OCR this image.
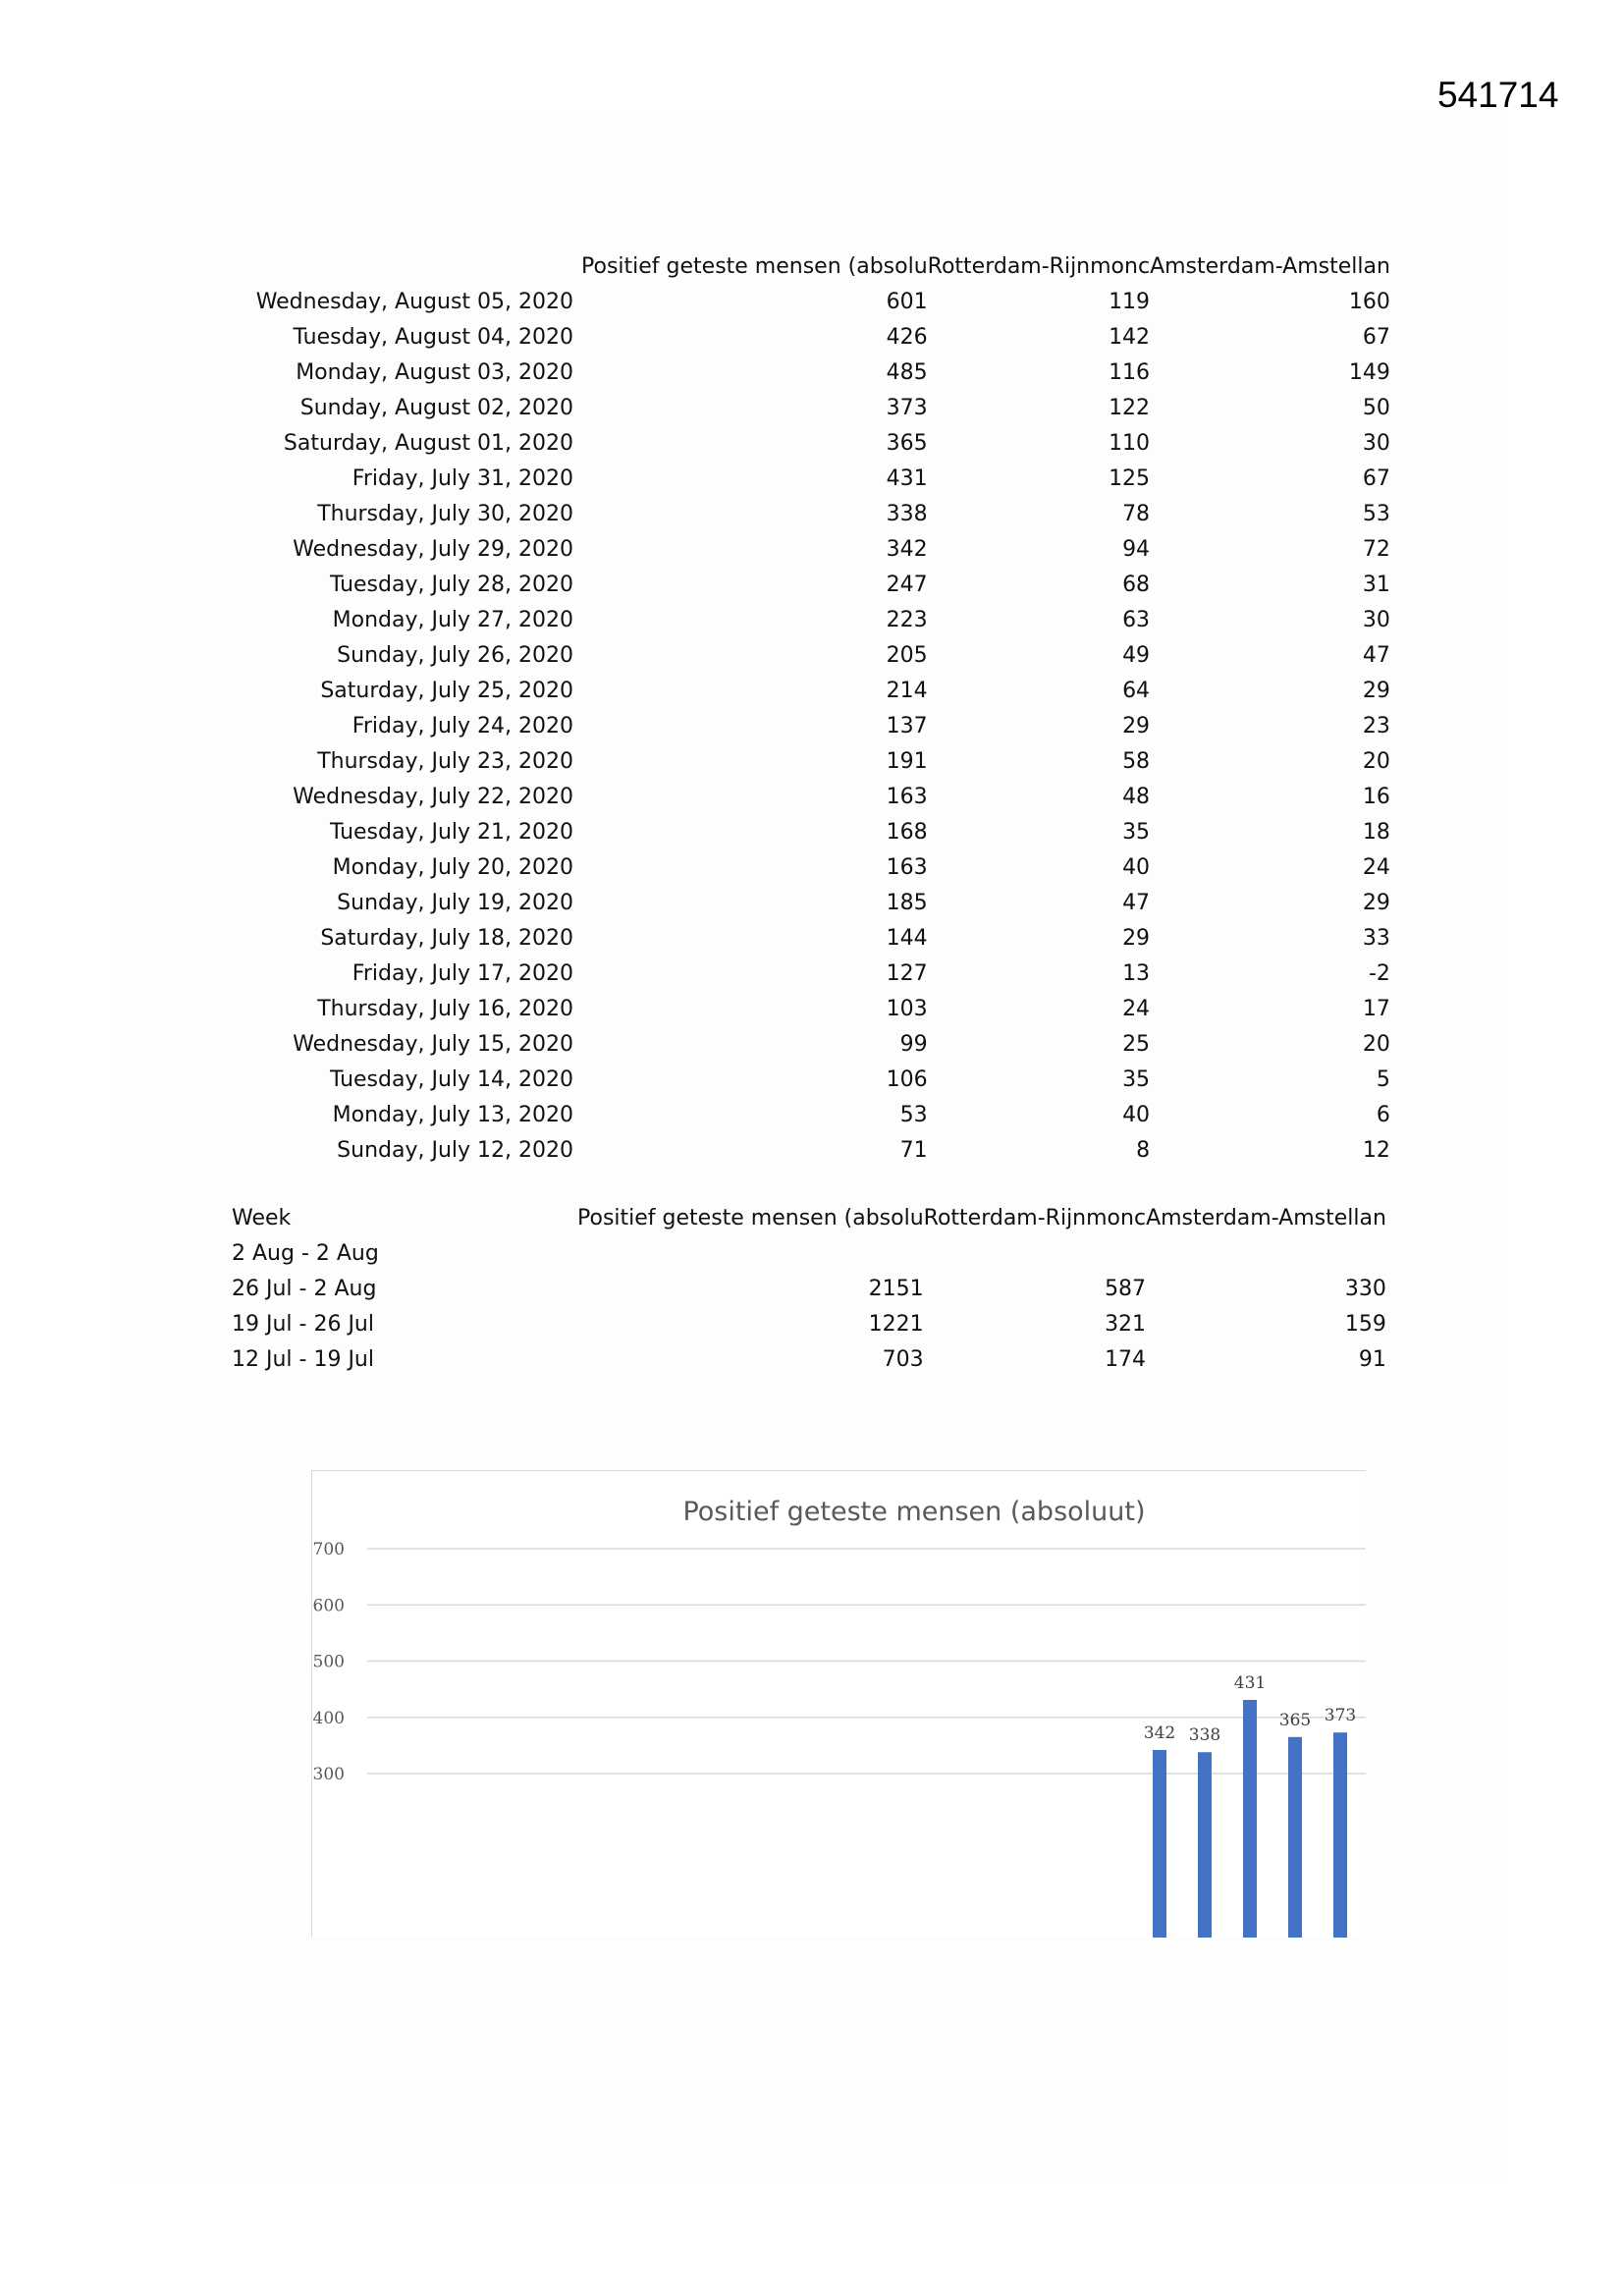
541714
	Positief geteste mensen (absolu	Rotterdam-Rijnmonc	Amsterdam-Amstellan
Wednesday, August 05, 2020	601	119	160
Tuesday, August 04, 2020	426	142	67
Monday, August 03, 2020	485	116	149
Sunday, August 02, 2020	373	122	50
Saturday, August 01, 2020	365	110	30
Friday, July 31, 2020	431	125	67
Thursday, July 30, 2020	338	78	53
Wednesday, July 29, 2020	342	94	72
Tuesday, July 28, 2020	247	68	31
Monday, July 27, 2020	223	63	30
Sunday, July 26, 2020	205	49	47
Saturday, July 25, 2020	214	64	29
Friday, July 24, 2020	137	29	23
Thursday, July 23, 2020	191	58	20
Wednesday, July 22, 2020	163	48	16
Tuesday, July 21, 2020	168	35	18
Monday, July 20, 2020	163	40	24
Sunday, July 19, 2020	185	47	29
Saturday, July 18, 2020	144	29	33
Friday, July 17, 2020	127	13	-2
Thursday, July 16, 2020	103	24	17
Wednesday, July 15, 2020	99	25	20
Tuesday, July 14, 2020	106	35	5
Monday, July 13, 2020	53	40	6
Sunday, July 12, 2020	71	8	12
Week	Positief geteste mensen (absolu	Rotterdam-Rijnmonc	Amsterdam-Amstellan
2 Aug - 2 Aug			
26 Jul - 2 Aug	2151	587	330
19 Jul - 26 Jul	1221	321	159
12 Jul - 19 Jul	703	174	91
Positief geteste mensen (absoluut)
300
400
500
600
700
342 338
431
365 373
